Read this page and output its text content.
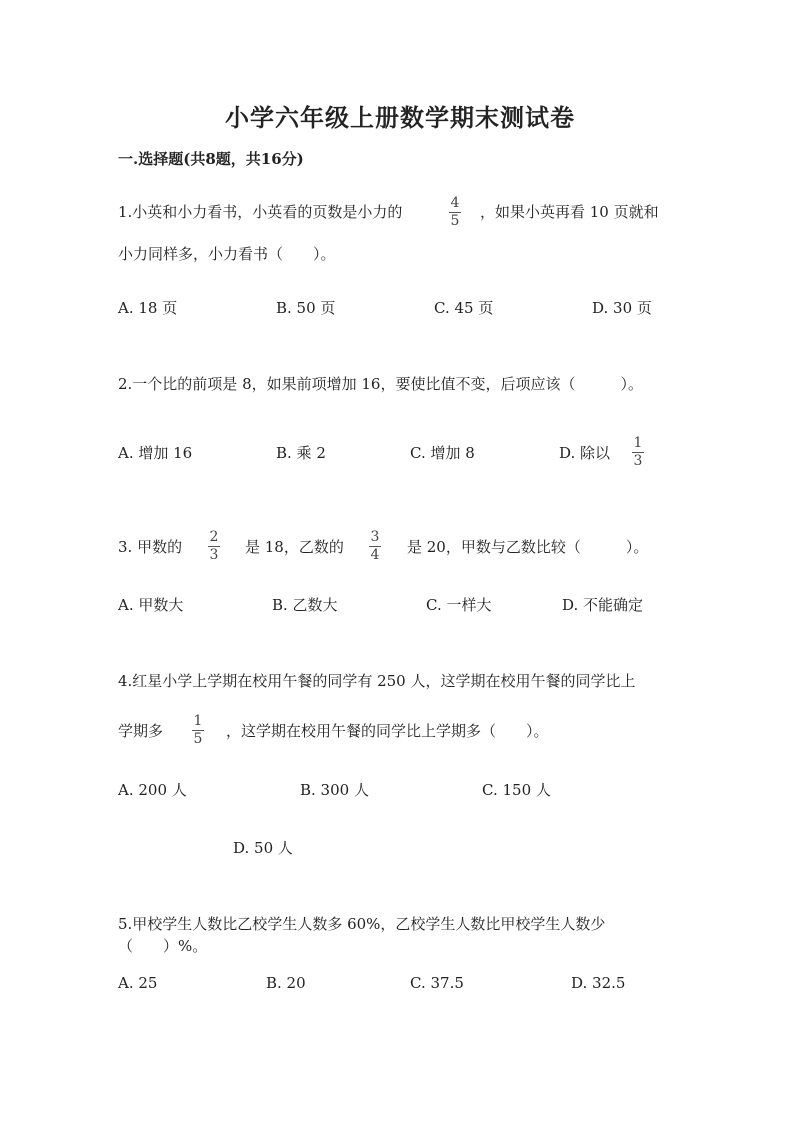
小学六年级上册数学期末测试卷
一.选择题(共8题，共16分)
1.小英和小力看书，小英看的页数是小力的	4
5 ，如果小英再看 10 页就和
小力同样多，小力看书（　　）。
A. 18 页	B. 50 页	C. 45 页	D. 30 页
2.一个比的前项是 8，如果前项增加 16，要使比值不变，后项应该（　　　）。
A. 增加 16	B. 乘 2	C. 增加 8	D. 除以
1
3
3. 甲数的
2
3 是 18，乙数的
3
4 是 20，甲数与乙数比较（　　　）。
A. 甲数大	B. 乙数大	C. 一样大	D. 不能确定
4.红星小学上学期在校用午餐的同学有 250 人，这学期在校用午餐的同学比上
学期多
1
5 ，这学期在校用午餐的同学比上学期多（　　）。
A. 200 人	B. 300 人	C. 150 人
D. 50 人
5.甲校学生人数比乙校学生人数多 60%，乙校学生人数比甲校学生人数少
（　　）%。
A. 25	B. 20	C. 37.5	D. 32.5
